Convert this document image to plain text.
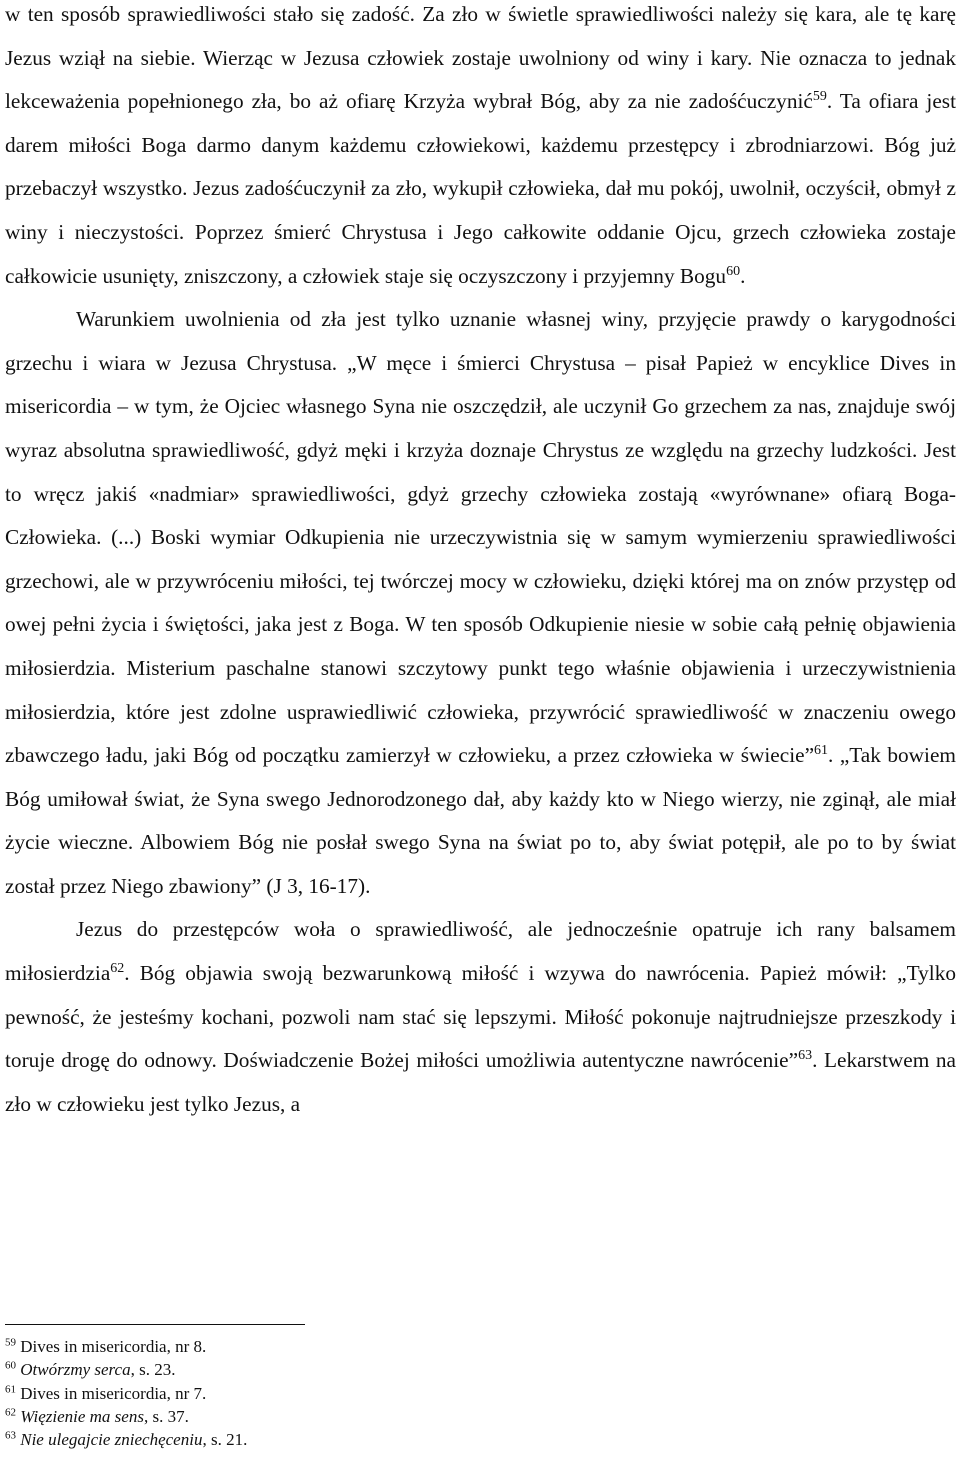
w ten sposób sprawiedliwości stało się zadość. Za zło w świetle sprawiedliwości należy się kara, ale tę karę Jezus wziął na siebie. Wierząc w Jezusa człowiek zostaje uwolniony od winy i kary. Nie oznacza to jednak lekceważenia popełnionego zła, bo aż ofiarę Krzyża wybrał Bóg, aby za nie zadośćuczynić$^{59}$. Ta ofiara jest darem miłości Boga darmo danym każdemu człowiekowi, każdemu przestępcy i zbrodniarzowi. Bóg już przebaczył wszystko. Jezus zadośćuczynił za zło, wykupił człowieka, dał mu pokój, uwolnił, oczyścił, obmył z winy i nieczystości. Poprzez śmierć Chrystusa i Jego całkowite oddanie Ojcu, grzech człowieka zostaje całkowicie usunięty, zniszczony, a człowiek staje się oczyszczony i przyjemny Bogu$^{60}$.

Warunkiem uwolnienia od zła jest tylko uznanie własnej winy, przyjęcie prawdy o karygodności grzechu i wiara w Jezusa Chrystusa. „W męce i śmierci Chrystusa – pisał Papież w encyklice Dives in misericordia – w tym, że Ojciec własnego Syna nie oszczędził, ale uczynił Go grzechem za nas, znajduje swój wyraz absolutna sprawiedliwość, gdyż męki i krzyża doznaje Chrystus ze względu na grzechy ludzkości. Jest to wręcz jakiś «nadmiar» sprawiedliwości, gdyż grzechy człowieka zostają «wyrównane» ofiarą Boga-Człowieka. (...) Boski wymiar Odkupienia nie urzeczywistnia się w samym wymierzeniu sprawiedliwości grzechowi, ale w przywróceniu miłości, tej twórczej mocy w człowieku, dzięki której ma on znów przystęp od owej pełni życia i świętości, jaka jest z Boga. W ten sposób Odkupienie niesie w sobie całą pełnię objawienia miłosierdzia. Misterium paschalne stanowi szczytowy punkt tego właśnie objawienia i urzeczywistnienia miłosierdzia, które jest zdolne usprawiedliwić człowieka, przywrócić sprawiedliwość w znaczeniu owego zbawczego ładu, jaki Bóg od początku zamierzył w człowieku, a przez człowieka w świecie”$^{61}$. „Tak bowiem Bóg umiłował świat, że Syna swego Jednorodzonego dał, aby każdy kto w Niego wierzy, nie zginął, ale miał życie wieczne. Albowiem Bóg nie posłał swego Syna na świat po to, aby świat potępił, ale po to by świat został przez Niego zbawiony” (J 3, 16-17).

Jezus do przestępców woła o sprawiedliwość, ale jednocześnie opatruje ich rany balsamem miłosierdzia$^{62}$. Bóg objawia swoją bezwarunkową miłość i wzywa do nawrócenia. Papież mówił: „Tylko pewność, że jesteśmy kochani, pozwoli nam stać się lepszymi. Miłość pokonuje najtrudniejsze przeszkody i toruje drogę do odnowy. Doświadczenie Bożej miłości umożliwia autentyczne nawrócenie”$^{63}$. Lekarstwem na zło w człowieku jest tylko Jezus, a

$^{59}$ Dives in misericordia, nr 8.

$^{60}$ Otwórzmy serca, s. 23.

$^{61}$ Dives in misericordia, nr 7.

$^{62}$ Więzienie ma sens, s. 37.

$^{63}$ Nie ulegajcie zniechęceniu, s. 21.
